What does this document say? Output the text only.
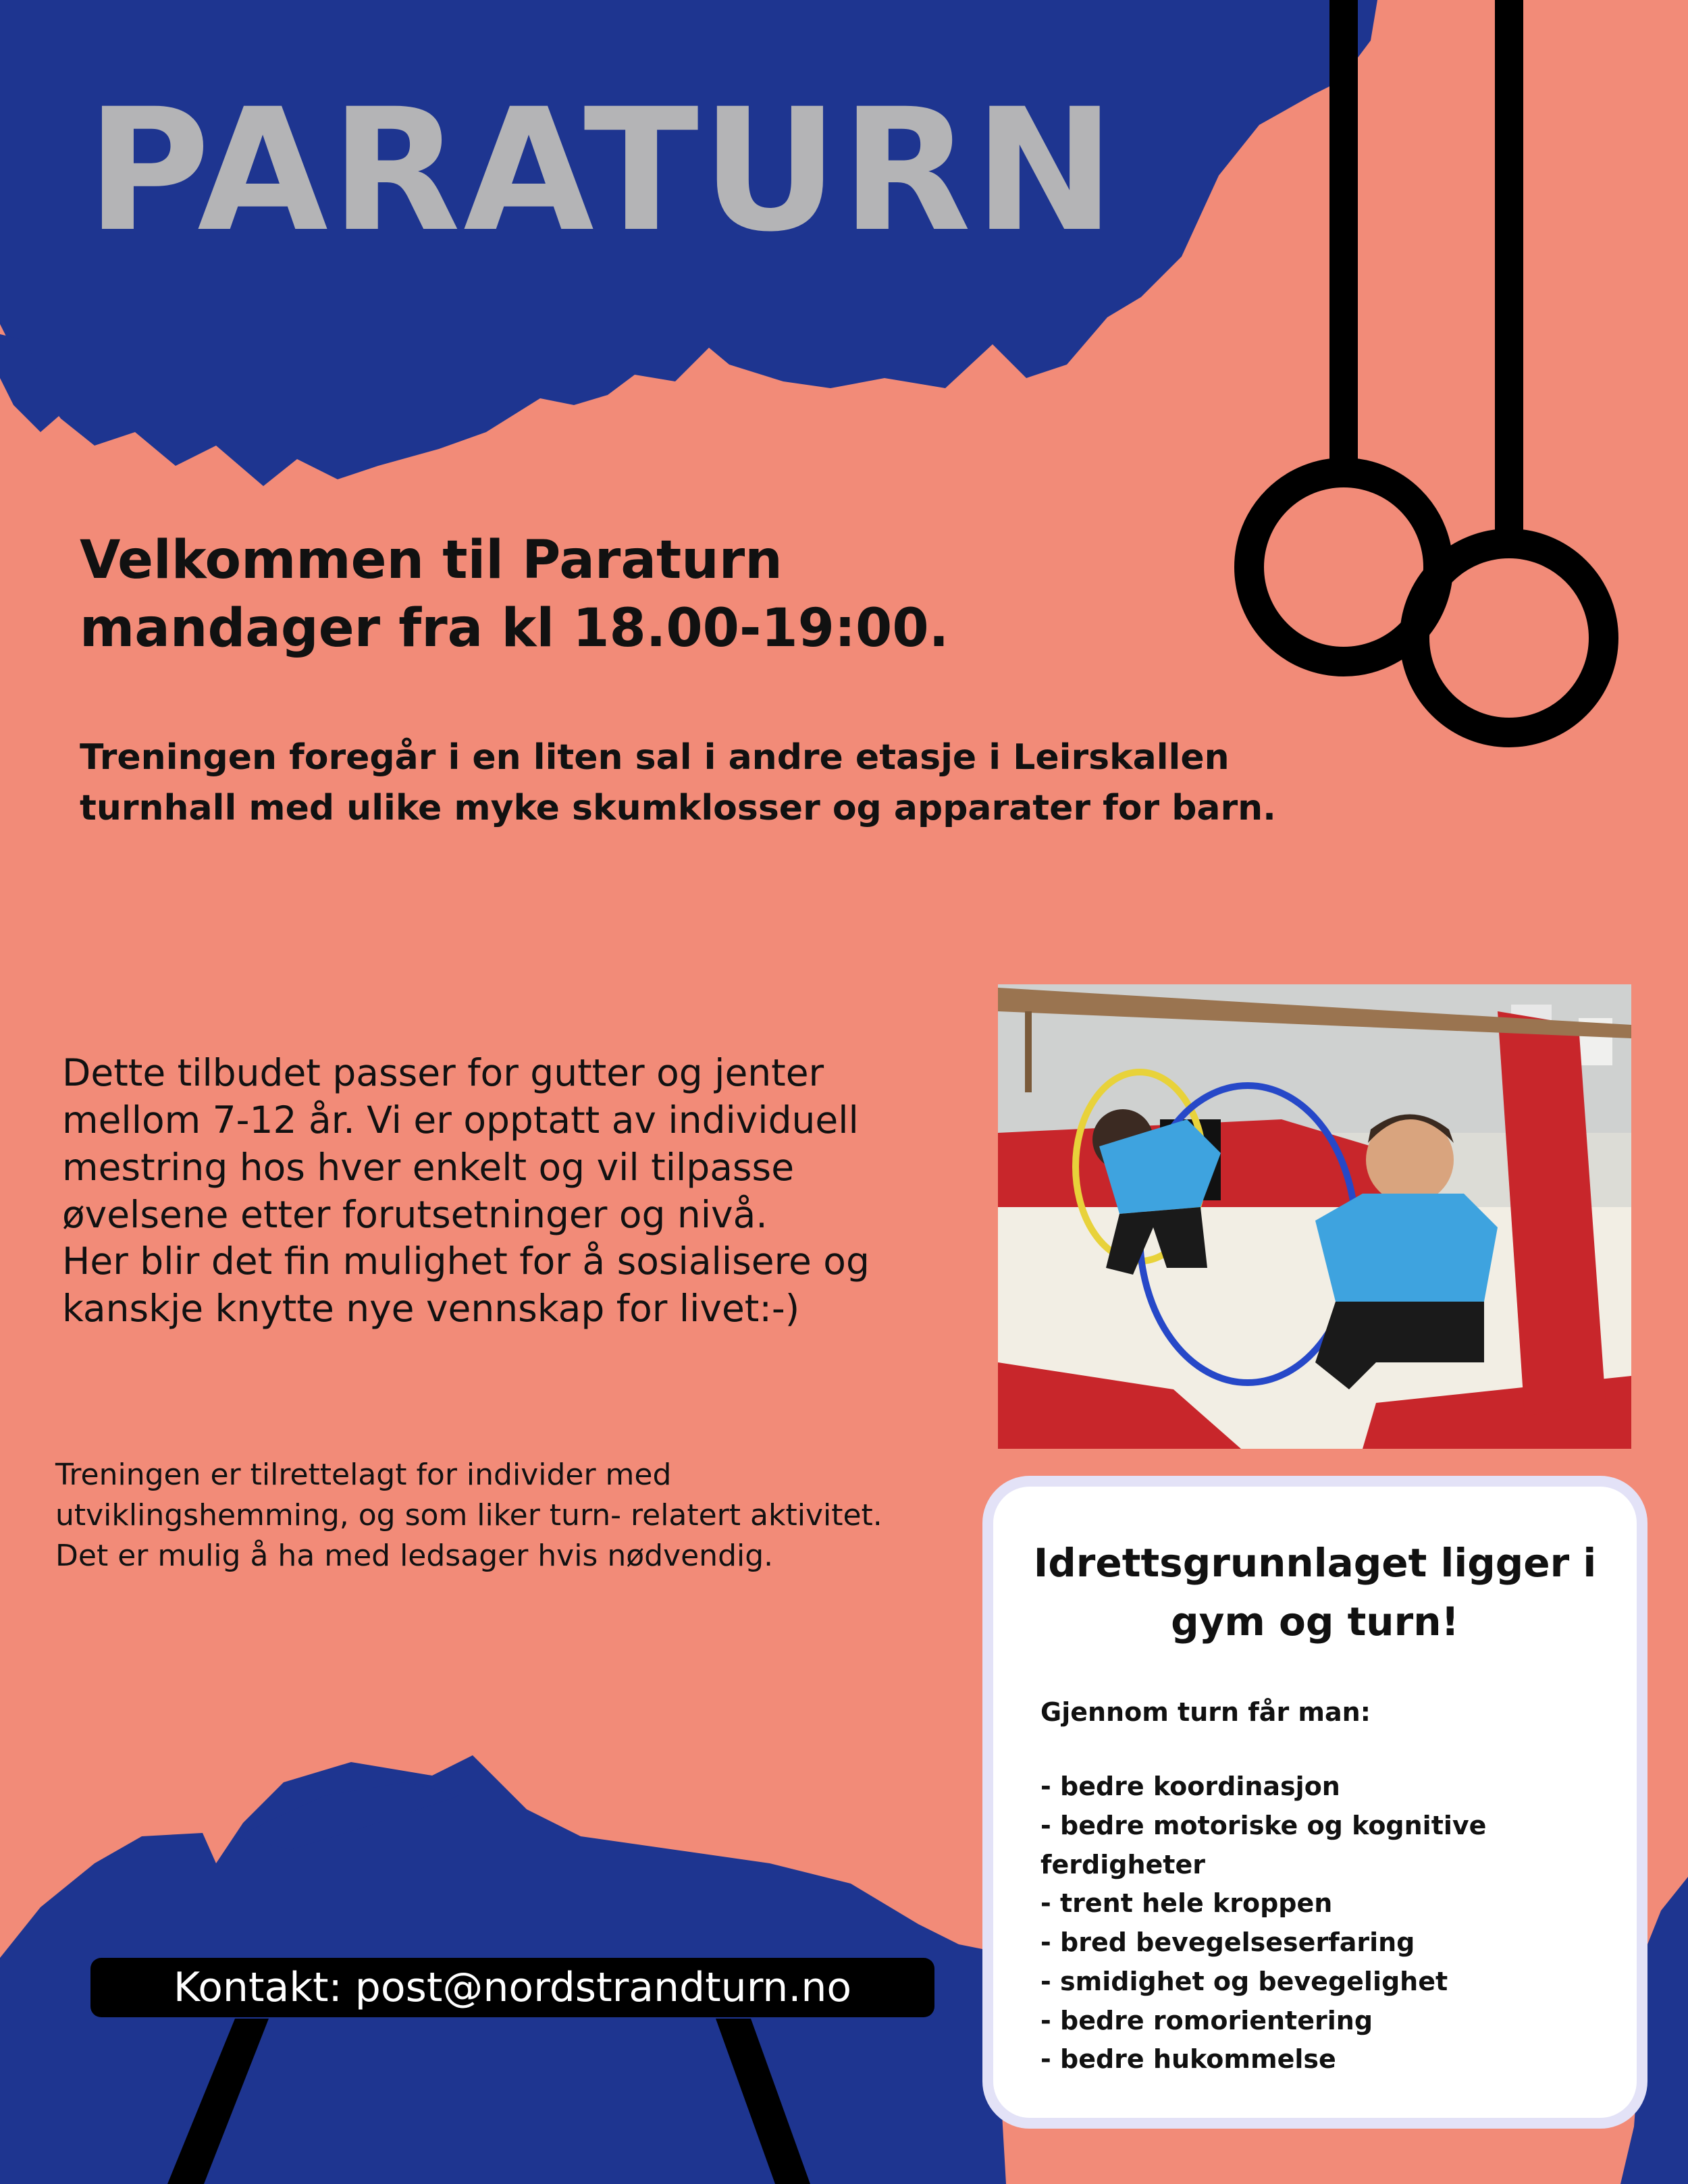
PARATURN
Velkommen til Paraturn
mandager fra kl 18.00-19:00.
Treningen foregår i en liten sal i andre etasje i Leirskallen
turnhall med ulike myke skumklosser og apparater for barn.

Dette tilbudet passer for gutter og jenter
mellom 7-12 år. Vi er opptatt av individuell
mestring hos hver enkelt og vil tilpasse
øvelsene etter forutsetninger og nivå.
Her blir det fin mulighet for å sosialisere og
kanskje knytte nye vennskap for livet:-)

Treningen er tilrettelagt for individer med
utviklingshemming, og som liker turn- relatert aktivitet.
Det er mulig å ha med ledsager hvis nødvendig.	Idrettsgrunnlaget ligger i gym og turn!
Gjennom turn får man:
- bedre koordinasjon
- bedre motoriske og kognitive ferdigheter
- trent hele kroppen
- bred bevegelseserfaring
- smidighet og bevegelighet
- bedre romorientering
- bedre hukommelse
Kontakt: post@nordstrandturn.no
